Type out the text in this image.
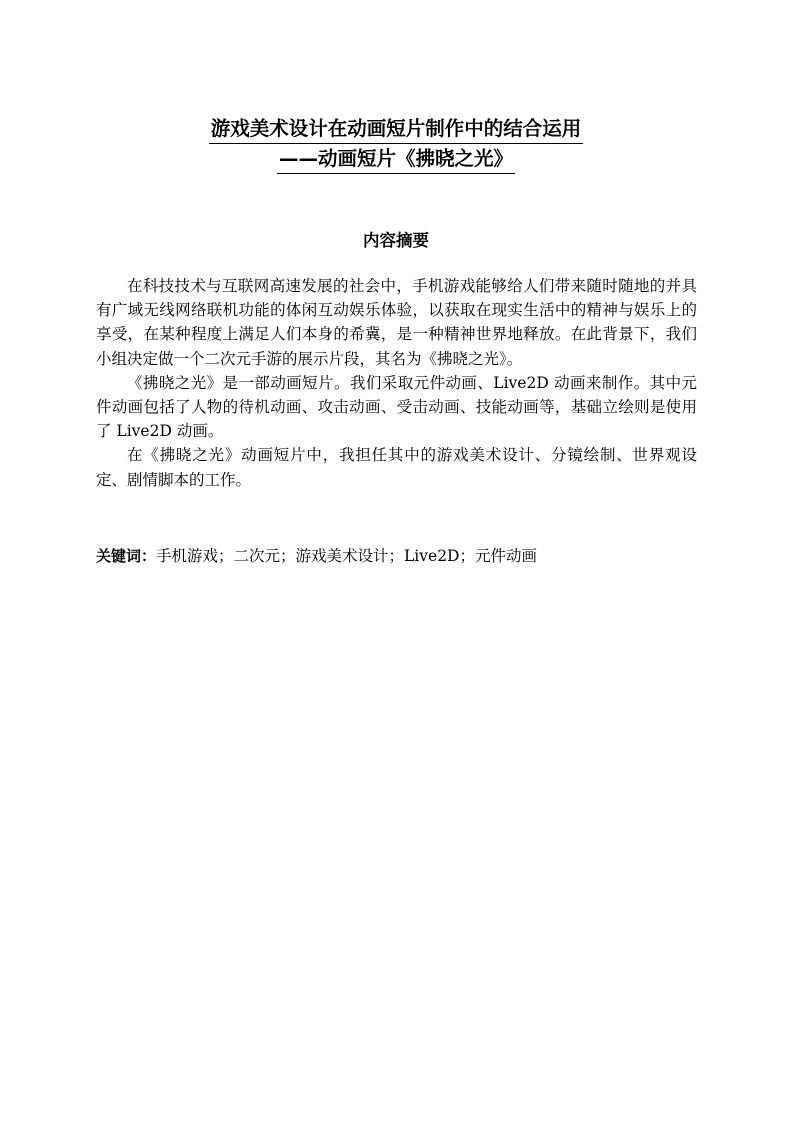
游戏美术设计在动画短片制作中的结合运用
——动画短片《拂晓之光》
内容摘要

在科技技术与互联网高速发展的社会中，手机游戏能够给人们带来随时随地的并具有广域无线网络联机功能的体闲互动娱乐体验，以获取在现实生活中的精神与娱乐上的享受，在某种程度上满足人们本身的希冀，是一种精神世界地释放。在此背景下，我们小组决定做一个二次元手游的展示片段，其名为《拂晓之光》。

《拂晓之光》是一部动画短片。我们采取元件动画、Live2D 动画来制作。其中元件动画包括了人物的待机动画、攻击动画、受击动画、技能动画等，基础立绘则是使用了 Live2D 动画。

在《拂晓之光》动画短片中，我担任其中的游戏美术设计、分镜绘制、世界观设定、剧情脚本的工作。

关键词：手机游戏；二次元；游戏美术设计；Live2D；元件动画
